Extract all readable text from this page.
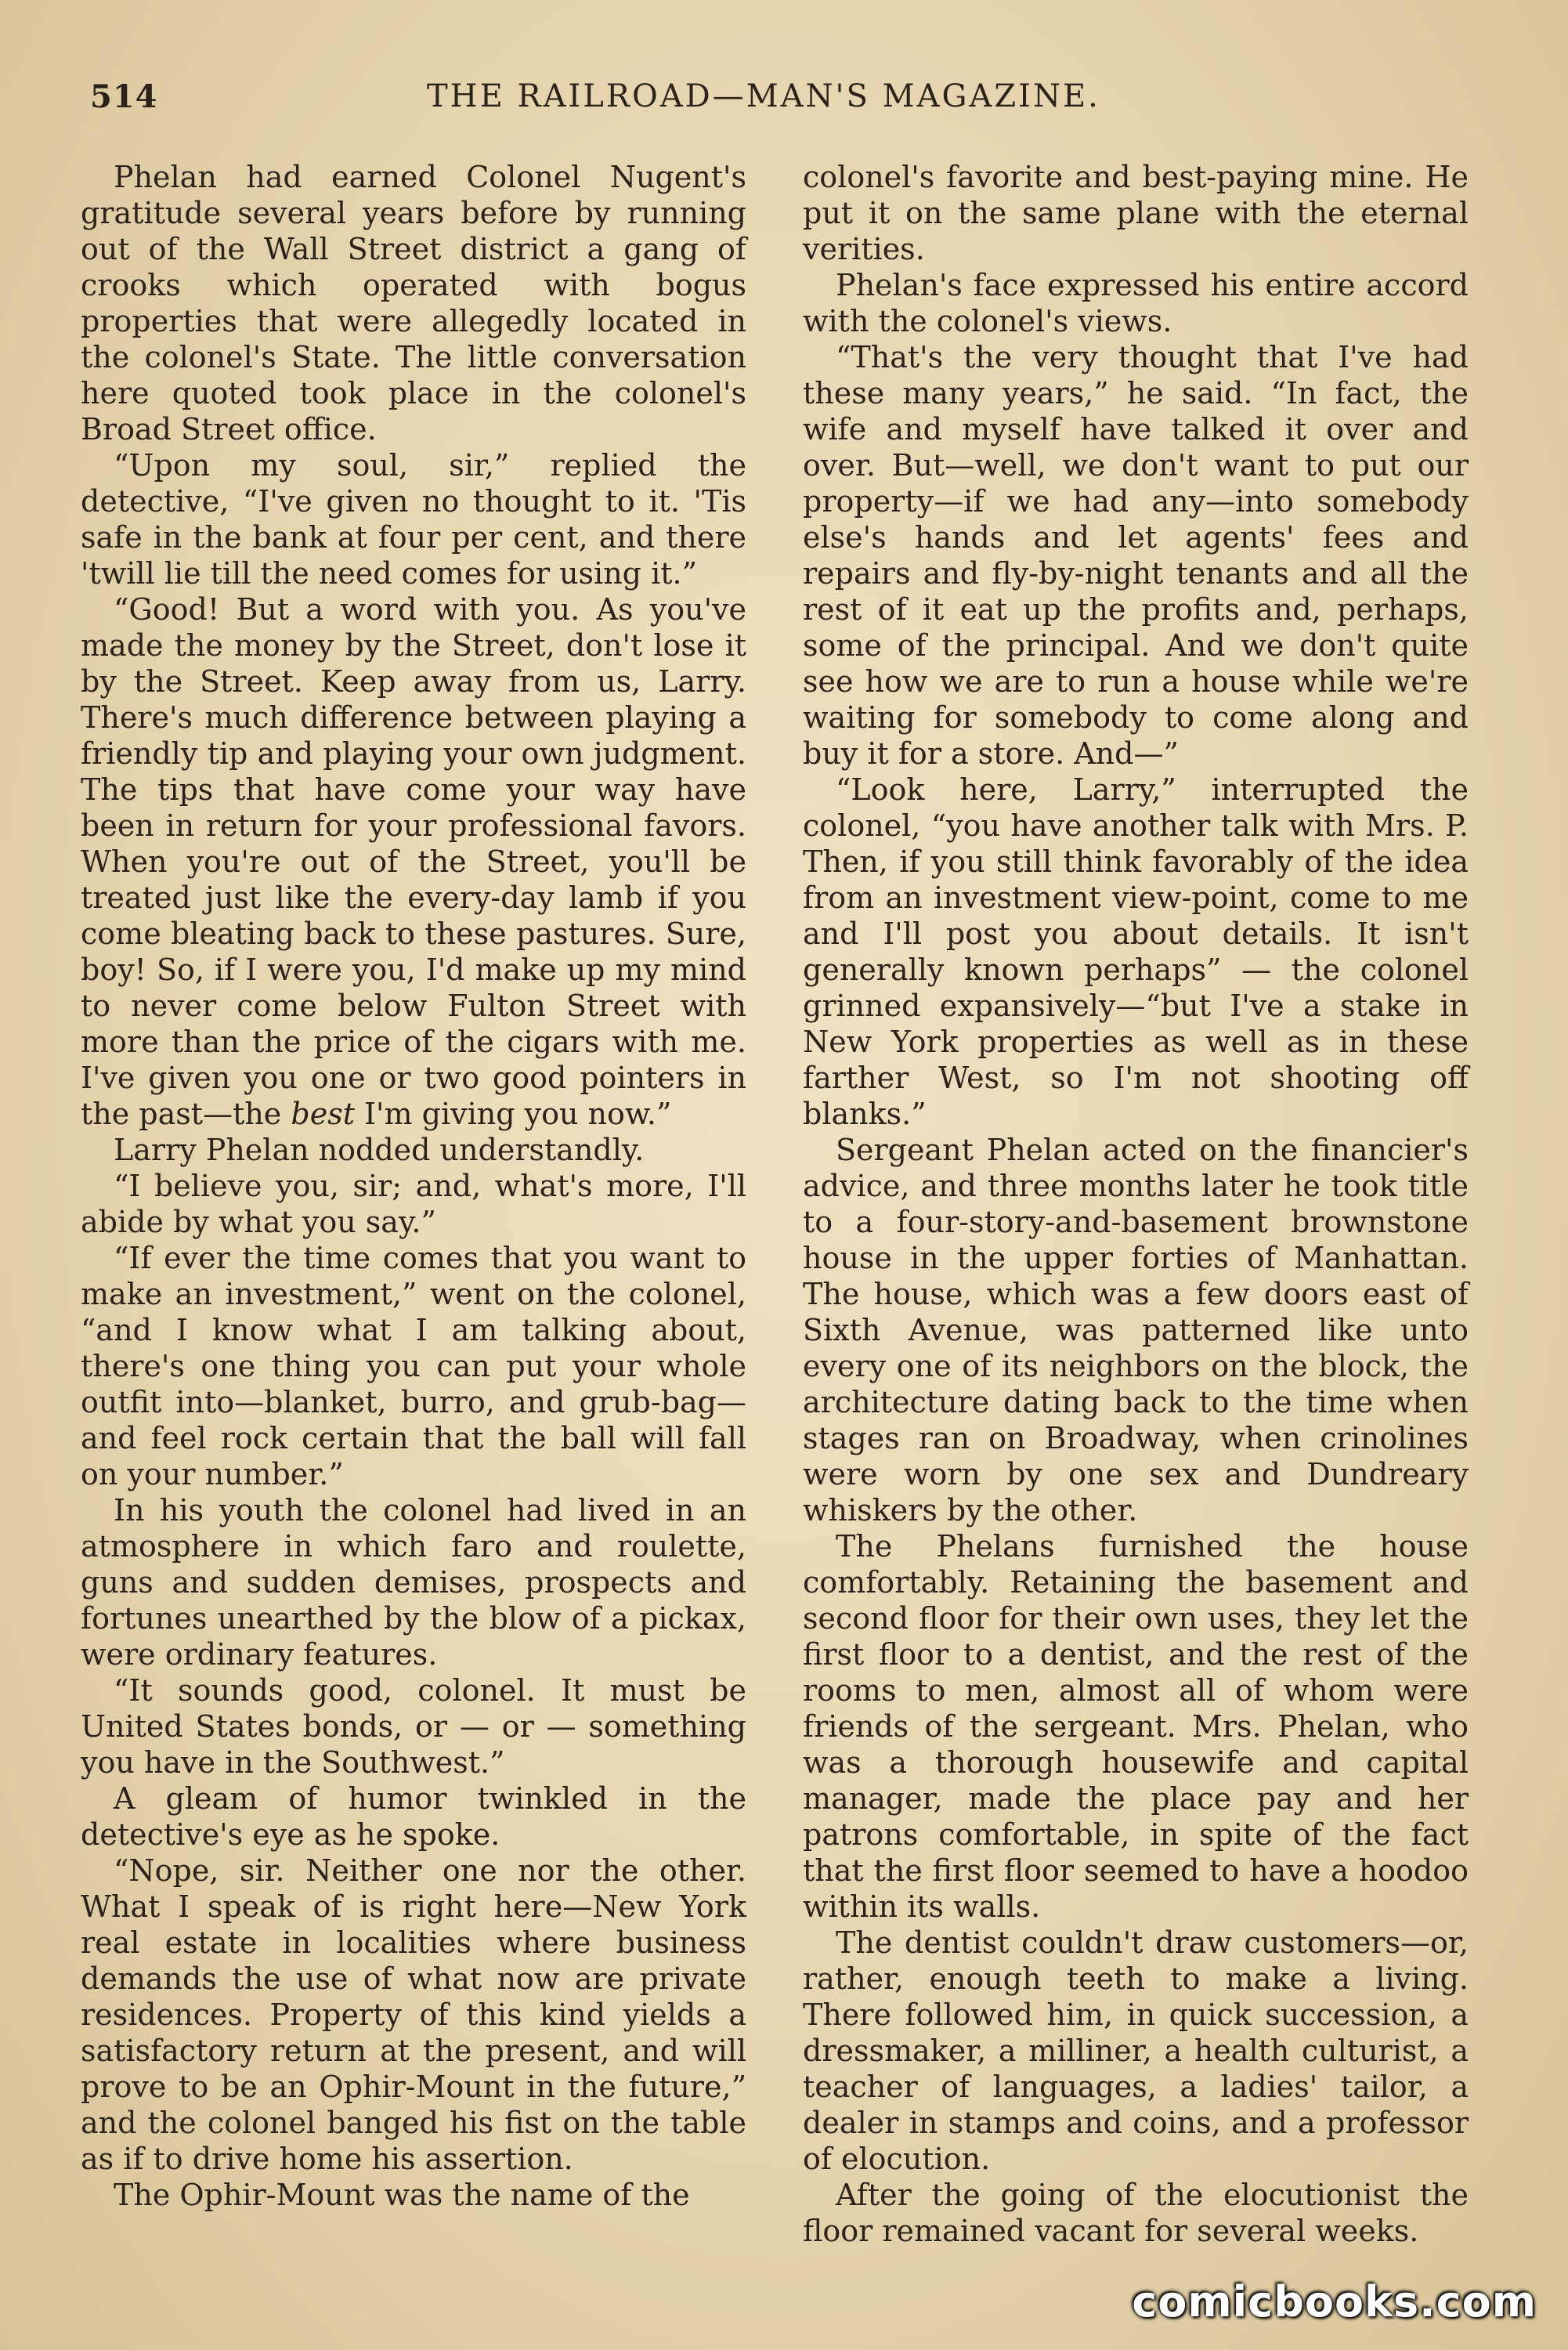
514	THE RAILROAD—MAN'S MAGAZINE.

Phelan had earned Colonel Nugent's gratitude several years before by running out of the Wall Street district a gang of crooks which operated with bogus properties that were allegedly located in the colonel's State. The little conversation here quoted took place in the colonel's Broad Street office.

“Upon my soul, sir,” replied the detective, “I've given no thought to it. 'Tis safe in the bank at four per cent, and there 'twill lie till the need comes for using it.”

“Good! But a word with you. As you've made the money by the Street, don't lose it by the Street. Keep away from us, Larry. There's much difference between playing a friendly tip and playing your own judgment. The tips that have come your way have been in return for your professional favors. When you're out of the Street, you'll be treated just like the every-day lamb if you come bleating back to these pastures. Sure, boy! So, if I were you, I'd make up my mind to never come below Fulton Street with more than the price of the cigars with me. I've given you one or two good pointers in the past—the best I'm giving you now.”

Larry Phelan nodded understandly.

“I believe you, sir; and, what's more, I'll abide by what you say.”

“If ever the time comes that you want to make an investment,” went on the colonel, “and I know what I am talking about, there's one thing you can put your whole outfit into—blanket, burro, and grub-bag—and feel rock certain that the ball will fall on your number.”

In his youth the colonel had lived in an atmosphere in which faro and roulette, guns and sudden demises, prospects and fortunes unearthed by the blow of a pickax, were ordinary features.

“It sounds good, colonel. It must be United States bonds, or — or — something you have in the Southwest.”

A gleam of humor twinkled in the detective's eye as he spoke.

“Nope, sir. Neither one nor the other. What I speak of is right here—New York real estate in localities where business demands the use of what now are private residences. Property of this kind yields a satisfactory return at the present, and will prove to be an Ophir-Mount in the future,” and the colonel banged his fist on the table as if to drive home his assertion.

The Ophir-Mount was the name of the

colonel's favorite and best-paying mine. He put it on the same plane with the eternal verities.

Phelan's face expressed his entire accord with the colonel's views.

“That's the very thought that I've had these many years,” he said. “In fact, the wife and myself have talked it over and over. But—well, we don't want to put our property—if we had any—into somebody else's hands and let agents' fees and repairs and fly-by-night tenants and all the rest of it eat up the profits and, perhaps, some of the principal. And we don't quite see how we are to run a house while we're waiting for somebody to come along and buy it for a store. And—”

“Look here, Larry,” interrupted the colonel, “you have another talk with Mrs. P. Then, if you still think favorably of the idea from an investment view-point, come to me and I'll post you about details. It isn't generally known perhaps” — the colonel grinned expansively—“but I've a stake in New York properties as well as in these farther West, so I'm not shooting off blanks.”

Sergeant Phelan acted on the financier's advice, and three months later he took title to a four-story-and-basement brownstone house in the upper forties of Manhattan. The house, which was a few doors east of Sixth Avenue, was patterned like unto every one of its neighbors on the block, the architecture dating back to the time when stages ran on Broadway, when crinolines were worn by one sex and Dundreary whiskers by the other.

The Phelans furnished the house comfortably. Retaining the basement and second floor for their own uses, they let the first floor to a dentist, and the rest of the rooms to men, almost all of whom were friends of the sergeant. Mrs. Phelan, who was a thorough housewife and capital manager, made the place pay and her patrons comfortable, in spite of the fact that the first floor seemed to have a hoodoo within its walls.

The dentist couldn't draw customers—or, rather, enough teeth to make a living. There followed him, in quick succession, a dressmaker, a milliner, a health culturist, a teacher of languages, a ladies' tailor, a dealer in stamps and coins, and a professor of elocution.

After the going of the elocutionist the floor remained vacant for several weeks.

comicbooks.com
